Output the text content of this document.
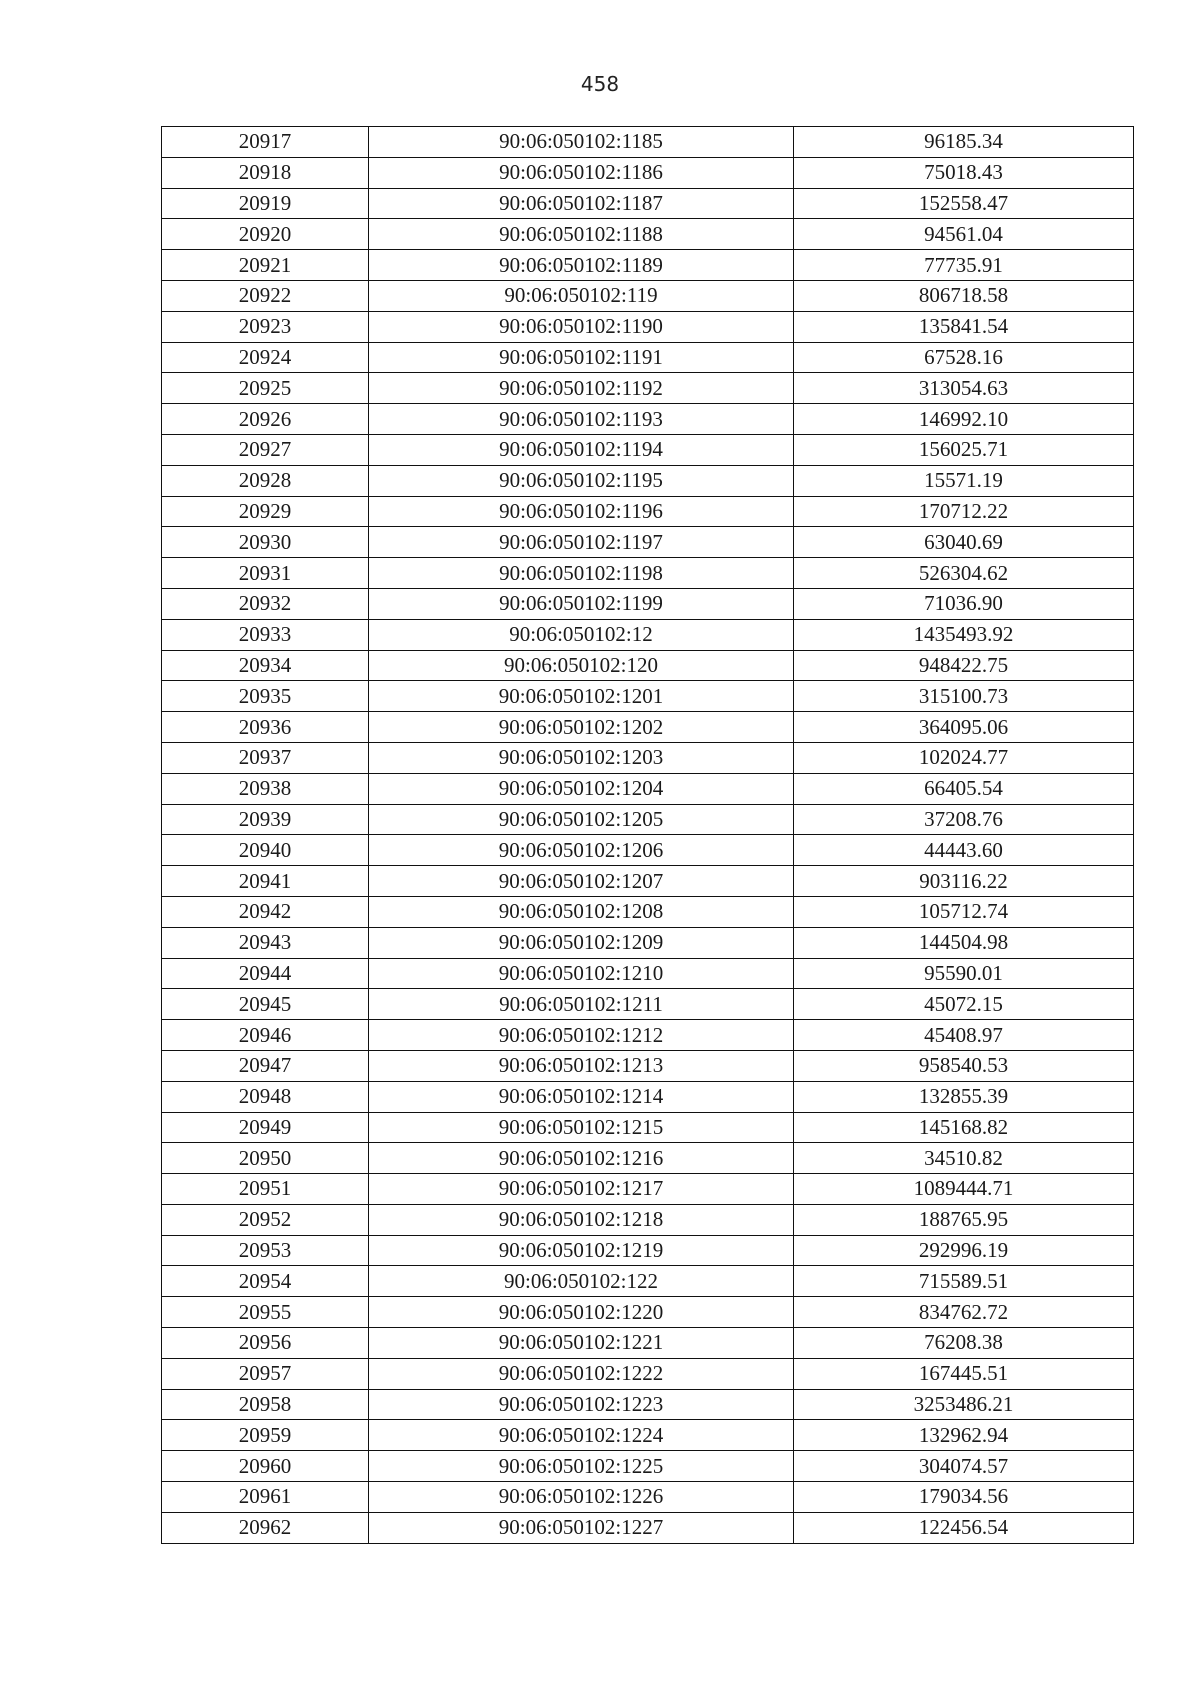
458
20917	90:06:050102:1185	96185.34
20918	90:06:050102:1186	75018.43
20919	90:06:050102:1187	152558.47
20920	90:06:050102:1188	94561.04
20921	90:06:050102:1189	77735.91
20922	90:06:050102:119	806718.58
20923	90:06:050102:1190	135841.54
20924	90:06:050102:1191	67528.16
20925	90:06:050102:1192	313054.63
20926	90:06:050102:1193	146992.10
20927	90:06:050102:1194	156025.71
20928	90:06:050102:1195	15571.19
20929	90:06:050102:1196	170712.22
20930	90:06:050102:1197	63040.69
20931	90:06:050102:1198	526304.62
20932	90:06:050102:1199	71036.90
20933	90:06:050102:12	1435493.92
20934	90:06:050102:120	948422.75
20935	90:06:050102:1201	315100.73
20936	90:06:050102:1202	364095.06
20937	90:06:050102:1203	102024.77
20938	90:06:050102:1204	66405.54
20939	90:06:050102:1205	37208.76
20940	90:06:050102:1206	44443.60
20941	90:06:050102:1207	903116.22
20942	90:06:050102:1208	105712.74
20943	90:06:050102:1209	144504.98
20944	90:06:050102:1210	95590.01
20945	90:06:050102:1211	45072.15
20946	90:06:050102:1212	45408.97
20947	90:06:050102:1213	958540.53
20948	90:06:050102:1214	132855.39
20949	90:06:050102:1215	145168.82
20950	90:06:050102:1216	34510.82
20951	90:06:050102:1217	1089444.71
20952	90:06:050102:1218	188765.95
20953	90:06:050102:1219	292996.19
20954	90:06:050102:122	715589.51
20955	90:06:050102:1220	834762.72
20956	90:06:050102:1221	76208.38
20957	90:06:050102:1222	167445.51
20958	90:06:050102:1223	3253486.21
20959	90:06:050102:1224	132962.94
20960	90:06:050102:1225	304074.57
20961	90:06:050102:1226	179034.56
20962	90:06:050102:1227	122456.54
